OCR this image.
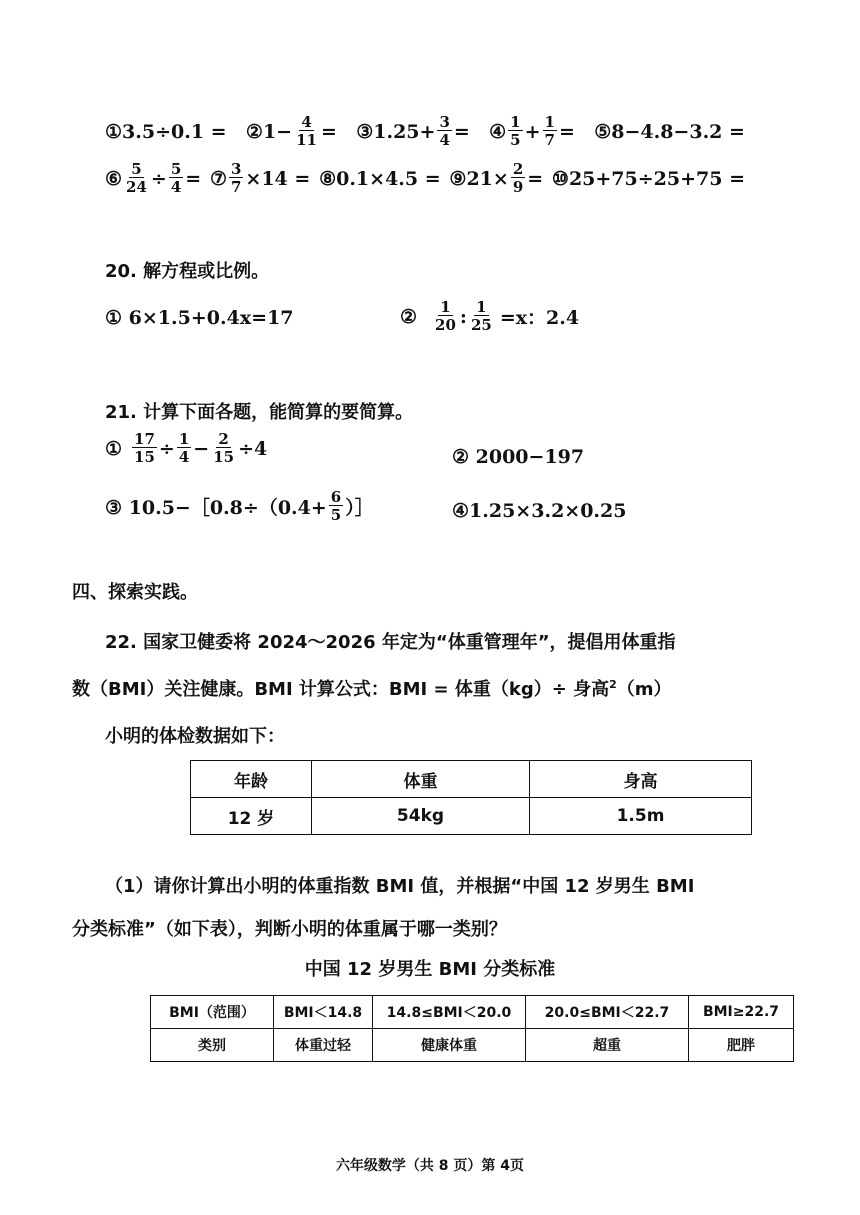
①3.5÷0.1 = ②1− $\frac{4}{11}$ = ③1.25+ $\frac{3}{4}$ = ④ $\frac{1}{5} + \frac{1}{7}$ = ⑤8−4.8−3.2 =
⑥ $\frac{5}{24} \div \frac{5}{4}$ = ⑦ $\frac{3}{7} \times 14$ = ⑧0.1×4.5 = ⑨21× $\frac{2}{9}$ = ⑩25+75÷25+75 =
20. 解方程或比例。
① 6×1.5+0.4x=17	② $\frac{1}{20}$ : $\frac{1}{25} =x$：2.4
21. 计算下面各题，能简算的要简算。
① $\frac{17}{15} \div \frac{1}{4} - \frac{2}{15} \div 4$	② 2000−197
③ 10.5−［0.8÷（0.4+ $\frac{6}{5}$ ）］	④1.25×3.2×0.25
四、探索实践。
22. 国家卫健委将 2024～2026 年定为“体重管理年”，提倡用体重指
数（BMI）关注健康。BMI 计算公式：BMI = 体重（kg）÷ 身高$^2$（m）
小明的体检数据如下：
年龄	体重	身高
12 岁	54kg	1.5m
（1）请你计算出小明的体重指数 BMI 值，并根据“中国 12 岁男生 BMI
分类标准”（如下表），判断小明的体重属于哪一类别？
中国 12 岁男生 BMI 分类标准
BMI（范围）	BMI＜14.8	14.8≤BMI＜20.0	20.0≤BMI＜22.7	BMI≥22.7
类别	体重过轻	健康体重	超重	肥胖
六年级数学（共 8 页）第 4页
